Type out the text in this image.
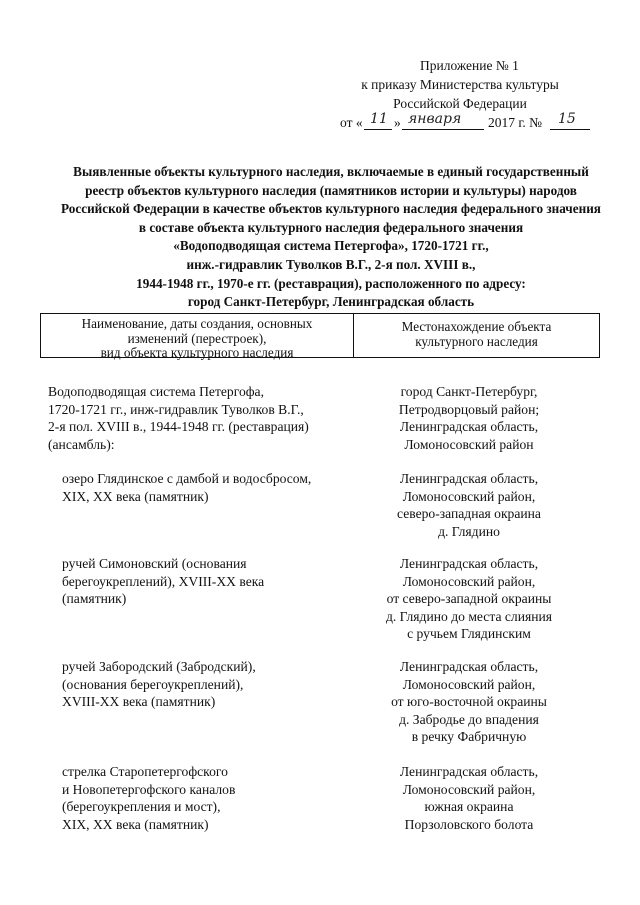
Приложение № 1
к приказу Министерства культуры
Российской Федерации
от « 11 » января 2017 г. № 15
Выявленные объекты культурного наследия, включаемые в единый государственный
реестр объектов культурного наследия (памятников истории и культуры) народов
Российской Федерации в качестве объектов культурного наследия федерального значения
в составе объекта культурного наследия федерального значения
«Водоподводящая система Петергофа», 1720-1721 гг.,
инж.-гидравлик Туволков В.Г., 2-я пол. XVIII в.,
1944-1948 гг., 1970-е гг. (реставрация), расположенного по адресу:
город Санкт-Петербург, Ленинградская область
Наименование, даты создания, основных
изменений (перестроек),
вид объекта культурного наследия
Местонахождение объекта
культурного наследия
Водоподводящая система Петергофа,
1720-1721 гг., инж-гидравлик Туволков В.Г.,
2-я пол. XVIII в., 1944-1948 гг. (реставрация)
(ансамбль):
город Санкт-Петербург,
Петродворцовый район;
Ленинградская область,
Ломоносовский район
озеро Глядинское с дамбой и водосбросом,
XIX, XX века (памятник)
Ленинградская область,
Ломоносовский район,
северо-западная окраина
д. Глядино
ручей Симоновский (основания
берегоукреплений), XVIII-XX века
(памятник)
Ленинградская область,
Ломоносовский район,
от северо-западной окраины
д. Глядино до места слияния
с ручьем Глядинским
ручей Забородский (Забродский),
(основания берегоукреплений),
XVIII-XX века (памятник)
Ленинградская область,
Ломоносовский район,
от юго-восточной окраины
д. Забродье до впадения
в речку Фабричную
стрелка Старопетергофского
и Новопетергофского каналов
(берегоукрепления и мост),
XIX, XX века (памятник)
Ленинградская область,
Ломоносовский район,
южная окраина
Порзоловского болота
